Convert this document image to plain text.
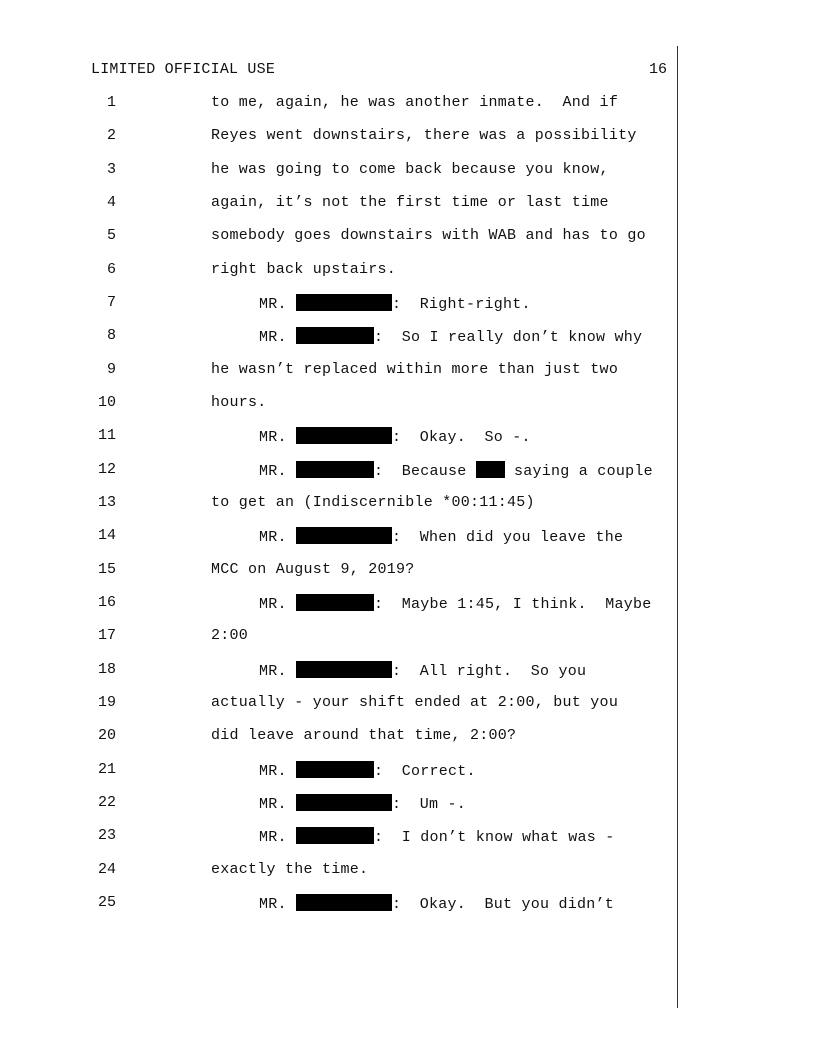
LIMITED OFFICIAL USE	16
1	to me, again, he was another inmate.  And if
2	Reyes went downstairs, there was a possibility
3	he was going to come back because you know,
4	again, it’s not the first time or last time
5	somebody goes downstairs with WAB and has to go
6	right back upstairs.
7	MR.	:  Right-right.
8	MR.	:  So I really don’t know why
9	he wasn’t replaced within more than just two
10	hours.
11	MR.	:  Okay.  So -.
12	MR.	:  Because  saying a couple
13	to get an (Indiscernible *00:11:45)
14	MR.	:  When did you leave the
15	MCC on August 9, 2019?
16	MR.	:  Maybe 1:45, I think.  Maybe
17	2:00
18	MR.	:  All right.  So you
19	actually - your shift ended at 2:00, but you
20	did leave around that time, 2:00?
21	MR.	:  Correct.
22	MR.	:  Um -.
23	MR.	:  I don’t know what was -
24	exactly the time.
25	MR.	:  Okay.  But you didn’t
